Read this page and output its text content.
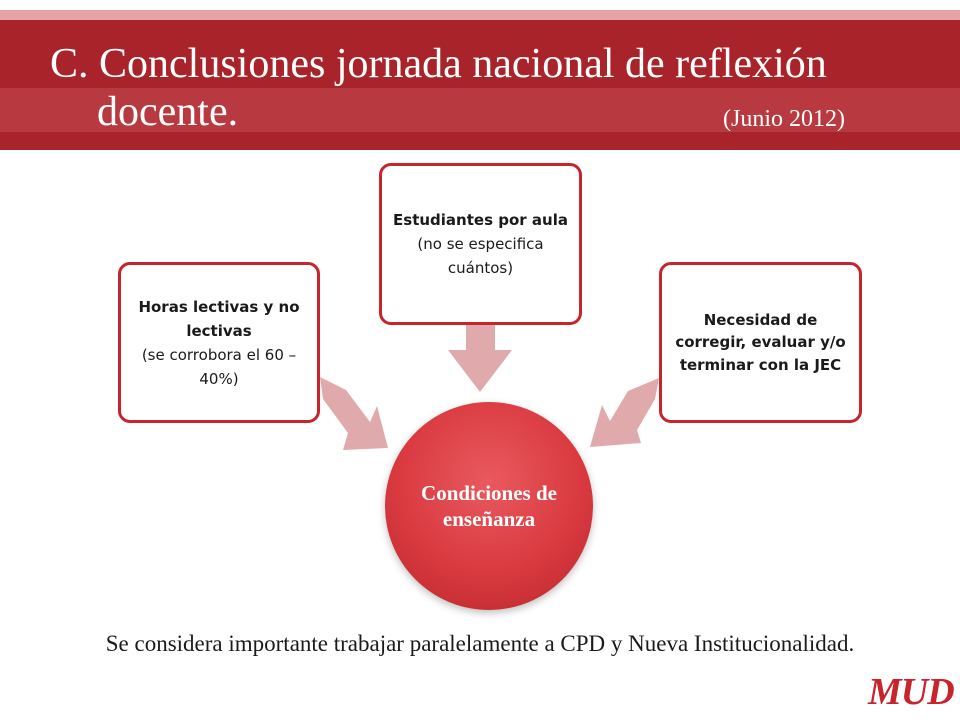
C. Conclusiones jornada nacional de reflexión
docente.	(Junio 2012)
Horas lectivas y no lectivas
(se corrobora el 60 – 40%)
Estudiantes por aula
(no se especifica cuántos)
Necesidad de corregir, evaluar y/o terminar con la JEC
Condiciones de enseñanza
Se considera importante trabajar paralelamente a CPD y Nueva Institucionalidad.
MUD
